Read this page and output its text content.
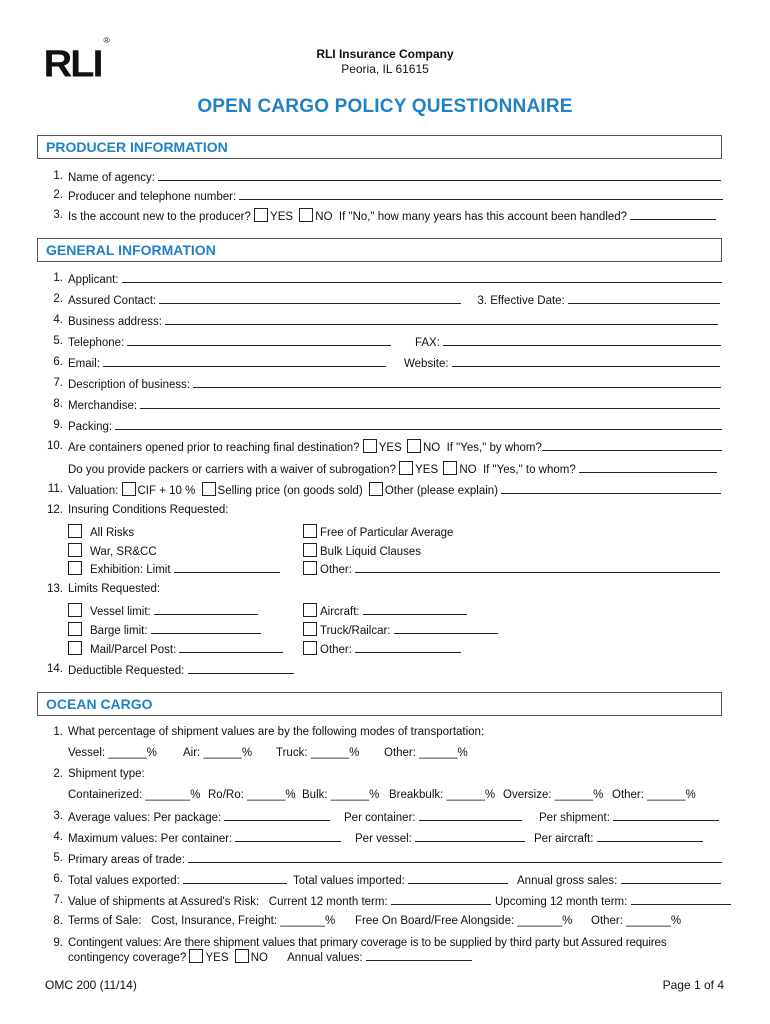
RLI®
RLI Insurance Company
Peoria, IL 61615
OPEN CARGO POLICY QUESTIONNAIRE
PRODUCER INFORMATION
1. Name of agency:
2. Producer and telephone number:
3. Is the account new to the producer? YES NO If "No," how many years has this account been handled?
GENERAL INFORMATION
1. Applicant:
2. Assured Contact:	3. Effective Date:
4. Business address:
5. Telephone:	FAX:
6. Email:	Website:
7. Description of business:
8. Merchandise:
9. Packing:
10. Are containers opened prior to reaching final destination? YES NO If "Yes," by whom?
Do you provide packers or carriers with a waiver of subrogation? YES NO If "Yes," to whom?
11. Valuation: CIF + 10 % Selling price (on goods sold) Other (please explain)
12. Insuring Conditions Requested:
All Risks	Free of Particular Average
War, SR&CC	Bulk Liquid Clauses
Exhibition: Limit	Other:
13. Limits Requested:
Vessel limit:	Aircraft:
Barge limit:	Truck/Railcar:
Mail/Parcel Post:	Other:
14. Deductible Requested:
OCEAN CARGO
1. What percentage of shipment values are by the following modes of transportation:
Vessel: ______% Air: ______% Truck: ______% Other: ______%
2. Shipment type:
Containerized: _______% Ro/Ro: ______% Bulk: ______% Breakbulk: ______% Oversize: ______% Other: ______%
3. Average values: Per package:	Per container:	Per shipment:
4. Maximum values: Per container:	Per vessel:	Per aircraft:
5. Primary areas of trade:
6. Total values exported:	Total values imported:	Annual gross sales:
7. Value of shipments at Assured's Risk: Current 12 month term:	Upcoming 12 month term:
8. Terms of Sale: Cost, Insurance, Freight: _______% Free On Board/Free Alongside: _______% Other: _______%
9. Contingent values: Are there shipment values that primary coverage is to be supplied by third party but Assured requires
contingency coverage? YES NO Annual values:
OMC 200 (11/14)	Page 1 of 4
